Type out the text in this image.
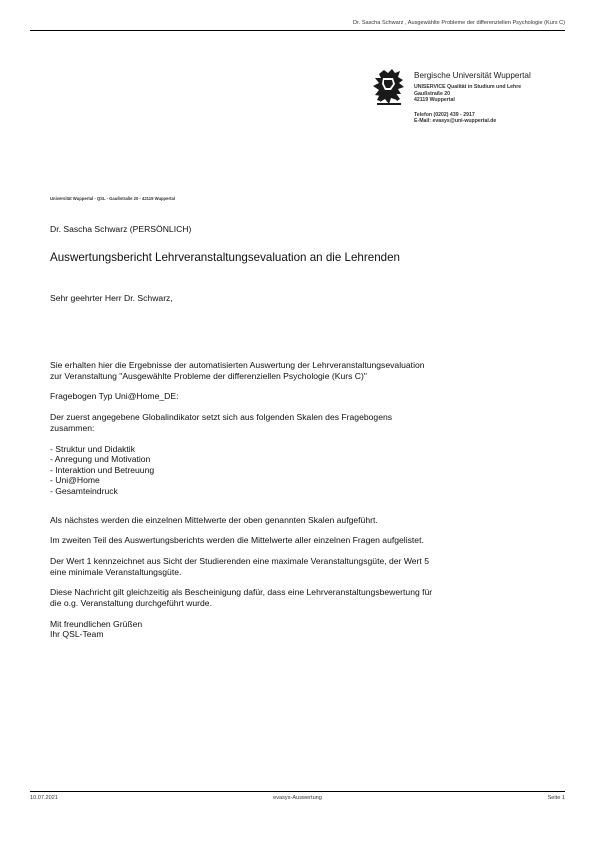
Dr. Sascha Schwarz , Ausgewählte Probleme der differenziellen Psychologie (Kurs C)

Bergische Universität Wuppertal

UNISERVICE Qualität in Studium und Lehre

Gaußstraße 20

42119 Wuppertal

Telefon (0202) 439 - 2917

E-Mail: evasys@uni-wuppertal.de

Universität Wuppertal - QSL - Gaußstraße 20 - 42119 Wuppertal
Dr. Sascha Schwarz (PERSÖNLICH)
Auswertungsbericht Lehrveranstaltungsevaluation an die Lehrenden
Sehr geehrter Herr Dr. Schwarz,

Sie erhalten hier die Ergebnisse der automatisierten Auswertung der Lehrveranstaltungsevaluation
zur Veranstaltung "Ausgewählte Probleme der differenziellen Psychologie (Kurs C)"

Fragebogen Typ Uni@Home_DE:

Der zuerst angegebene Globalindikator setzt sich aus folgenden Skalen des Fragebogens
zusammen:

- Struktur und Didaktik
- Anregung und Motivation
- Interaktion und Betreuung
- Uni@Home
- Gesamteindruck

Als nächstes werden die einzelnen Mittelwerte der oben genannten Skalen aufgeführt.

Im zweiten Teil des Auswertungsberichts werden die Mittelwerte aller einzelnen Fragen aufgelistet.

Der Wert 1 kennzeichnet aus Sicht der Studierenden eine maximale Veranstaltungsgüte, der Wert 5
eine minimale Veranstaltungsgüte.

Diese Nachricht gilt gleichzeitig als Bescheinigung dafür, dass eine Lehrveranstaltungsbewertung für
die o.g. Veranstaltung durchgeführt wurde.

Mit freundlichen Grüßen

Ihr QSL-Team

10.07.2021	evasys-Auswertung	Seite 1
